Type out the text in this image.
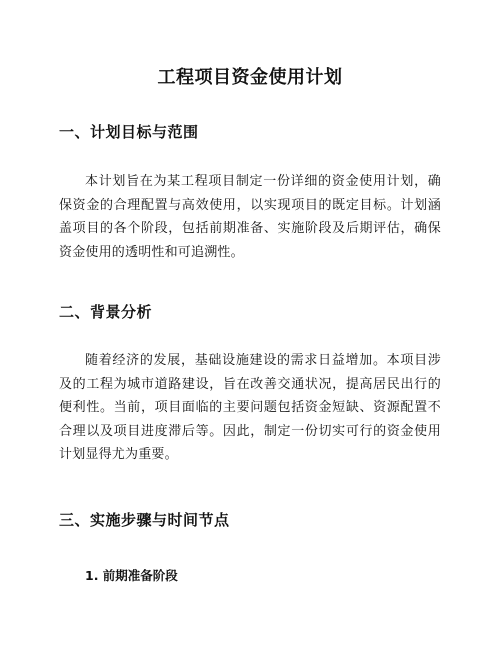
工程项目资金使用计划
一、计划目标与范围

本计划旨在为某工程项目制定一份详细的资金使用计划，确保资金的合理配置与高效使用，以实现项目的既定目标。计划涵盖项目的各个阶段，包括前期准备、实施阶段及后期评估，确保资金使用的透明性和可追溯性。

二、背景分析

随着经济的发展，基础设施建设的需求日益增加。本项目涉及的工程为城市道路建设，旨在改善交通状况，提高居民出行的便利性。当前，项目面临的主要问题包括资金短缺、资源配置不合理以及项目进度滞后等。因此，制定一份切实可行的资金使用计划显得尤为重要。

三、实施步骤与时间节点
1. 前期准备阶段
